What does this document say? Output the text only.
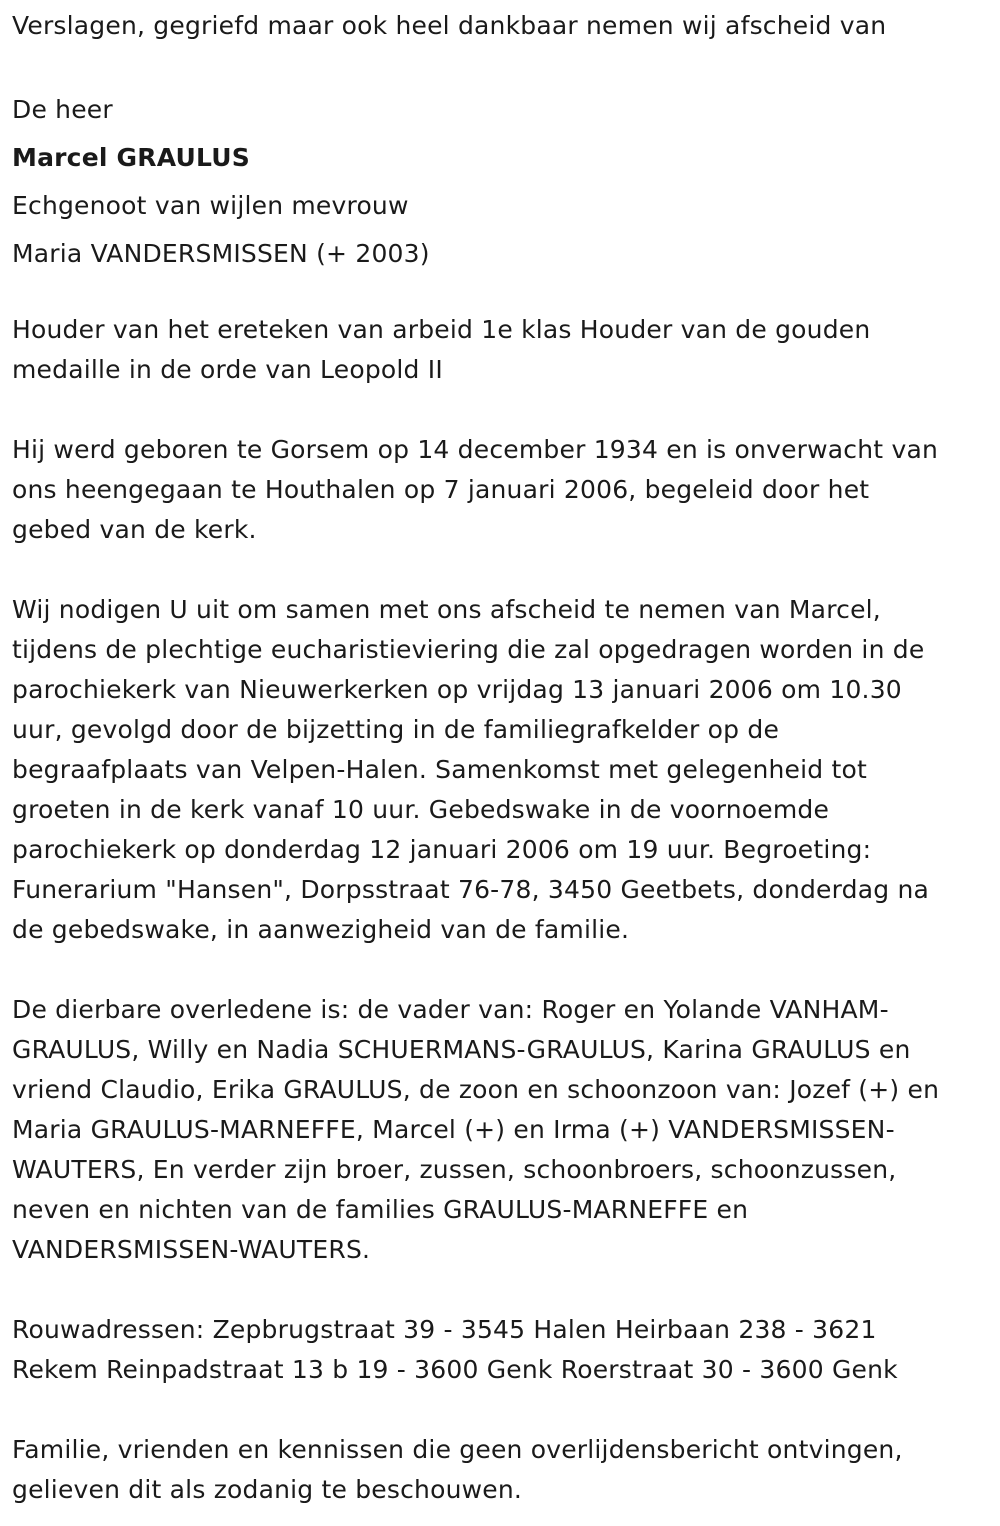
Verslagen, gegriefd maar ook heel dankbaar nemen wij afscheid van

De heer
Marcel GRAULUS
Echgenoot van wijlen mevrouw
Maria VANDERSMISSEN (+ 2003)
Houder van het ereteken van arbeid 1e klas Houder van de gouden
medaille in de orde van Leopold II
Hij werd geboren te Gorsem op 14 december 1934 en is onverwacht van
ons heengegaan te Houthalen op 7 januari 2006, begeleid door het
gebed van de kerk.
Wij nodigen U uit om samen met ons afscheid te nemen van Marcel,
tijdens de plechtige eucharistieviering die zal opgedragen worden in de
parochiekerk van Nieuwerkerken op vrijdag 13 januari 2006 om 10.30
uur, gevolgd door de bijzetting in de familiegrafkelder op de
begraafplaats van Velpen-Halen. Samenkomst met gelegenheid tot
groeten in de kerk vanaf 10 uur. Gebedswake in de voornoemde
parochiekerk op donderdag 12 januari 2006 om 19 uur. Begroeting:
Funerarium "Hansen", Dorpsstraat 76-78, 3450 Geetbets, donderdag na
de gebedswake, in aanwezigheid van de familie.
De dierbare overledene is: de vader van: Roger en Yolande VANHAM-
GRAULUS, Willy en Nadia SCHUERMANS-GRAULUS, Karina GRAULUS en
vriend Claudio, Erika GRAULUS, de zoon en schoonzoon van: Jozef (+) en
Maria GRAULUS-MARNEFFE, Marcel (+) en Irma (+) VANDERSMISSEN-
WAUTERS, En verder zijn broer, zussen, schoonbroers, schoonzussen,
neven en nichten van de families GRAULUS-MARNEFFE en
VANDERSMISSEN-WAUTERS.
Rouwadressen: Zepbrugstraat 39 - 3545 Halen Heirbaan 238 - 3621
Rekem Reinpadstraat 13 b 19 - 3600 Genk Roerstraat 30 - 3600 Genk
Familie, vrienden en kennissen die geen overlijdensbericht ontvingen,
gelieven dit als zodanig te beschouwen.
